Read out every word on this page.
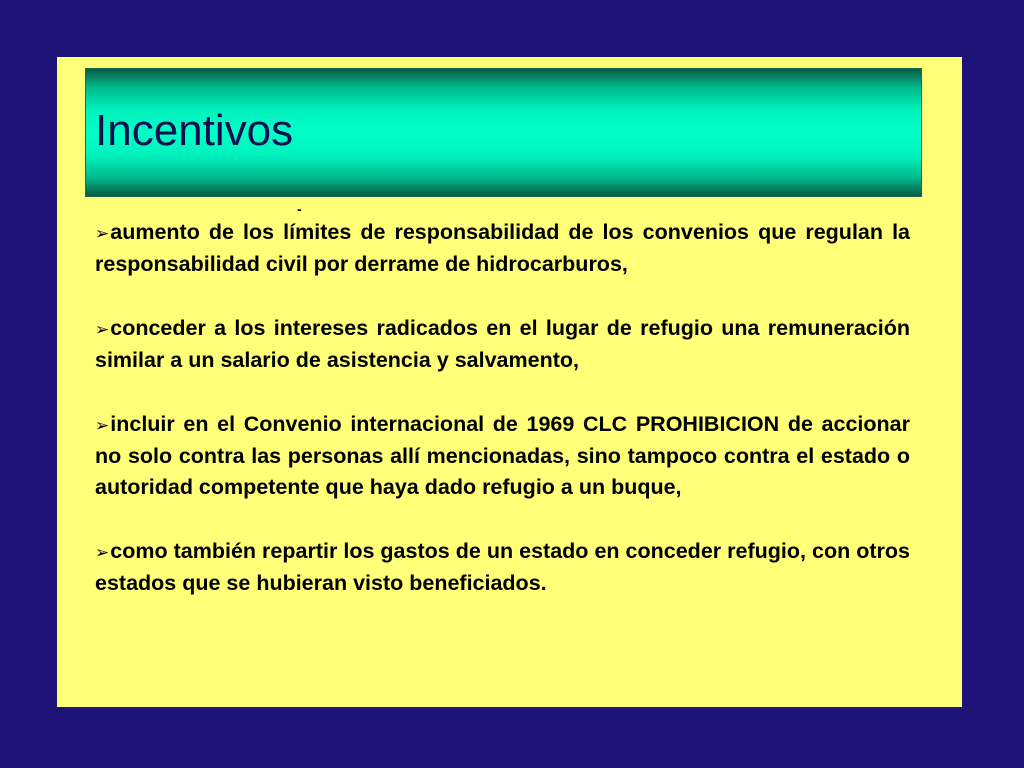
Incentivos
-
➢aumento de los límites de responsabilidad de los convenios que regulan la responsabilidad civil por derrame de hidrocarburos,
➢conceder a los intereses radicados en el lugar de refugio una remuneración similar a un salario de asistencia y salvamento,
➢incluir en el Convenio internacional de 1969 CLC PROHIBICION de accionar no solo contra las personas allí mencionadas, sino tampoco contra el estado o autoridad competente que haya dado refugio a un buque,
➢como también repartir los gastos de un estado en conceder refugio, con otros estados que se hubieran visto beneficiados.
